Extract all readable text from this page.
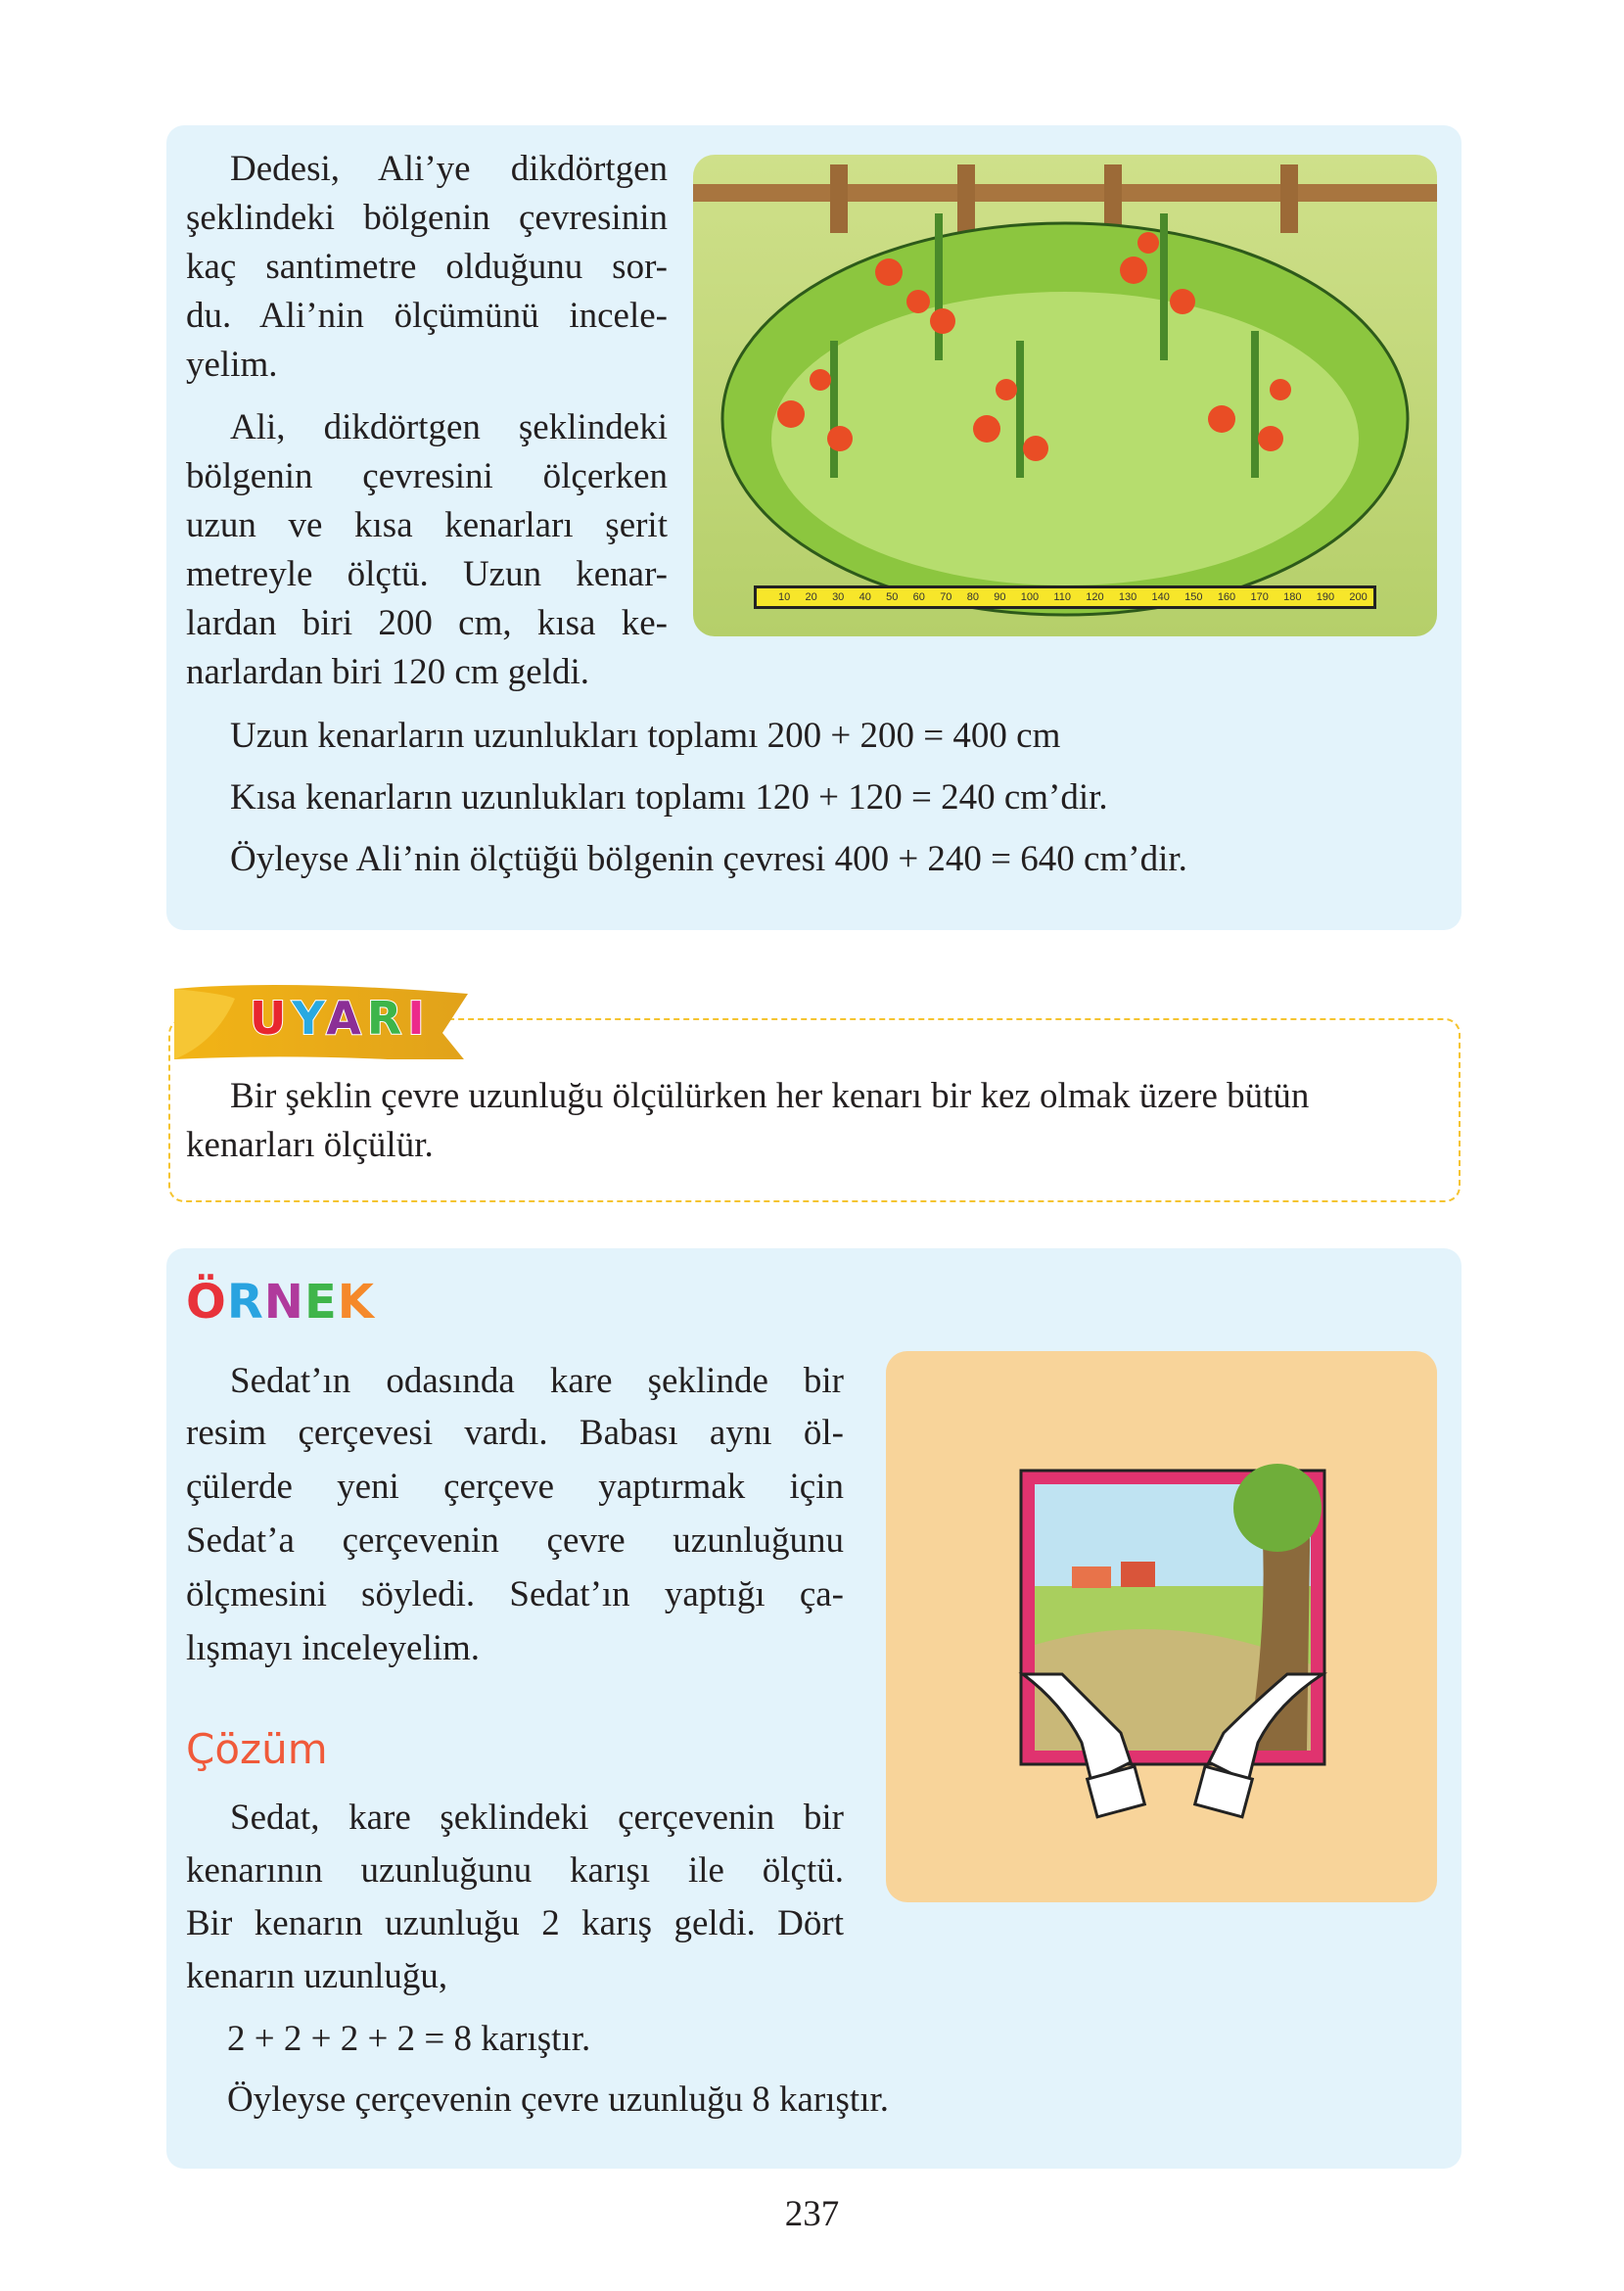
Dedesi, Ali’ye dikdörtgen
şeklindeki bölgenin çevresinin
kaç santimetre olduğunu sor-
du. Ali’nin ölçümünü incele-
yelim.
Ali, dikdörtgen şeklindeki
bölgenin çevresini ölçerken
uzun ve kısa kenarları şerit
metreyle ölçtü. Uzun kenar-
lardan biri 200 cm, kısa ke-
narlardan biri 120 cm geldi.
10 20 30 40 50 60 70 80 90 100 110 120 130 140 150 160 170 180 190 200
Uzun kenarların uzunlukları toplamı 200 + 200 = 400 cm
Kısa kenarların uzunlukları toplamı 120 + 120 = 240 cm’dir.
Öyleyse Ali’nin ölçtüğü bölgenin çevresi 400 + 240 = 640 cm’dir.
UYARI
Bir şeklin çevre uzunluğu ölçülürken her kenarı bir kez olmak üzere bütün
kenarları ölçülür.
ÖRNEK
Sedat’ın odasında kare şeklinde bir
resim çerçevesi vardı. Babası aynı öl-
çülerde yeni çerçeve yaptırmak için
Sedat’a çerçevenin çevre uzunluğunu
ölçmesini söyledi. Sedat’ın yaptığı ça-
lışmayı inceleyelim.
Çözüm
Sedat, kare şeklindeki çerçevenin bir
kenarının uzunluğunu karışı ile ölçtü.
Bir kenarın uzunluğu 2 karış geldi. Dört
kenarın uzunluğu,
2 + 2 + 2 + 2 = 8 karıştır.
Öyleyse çerçevenin çevre uzunluğu 8 karıştır.
237
